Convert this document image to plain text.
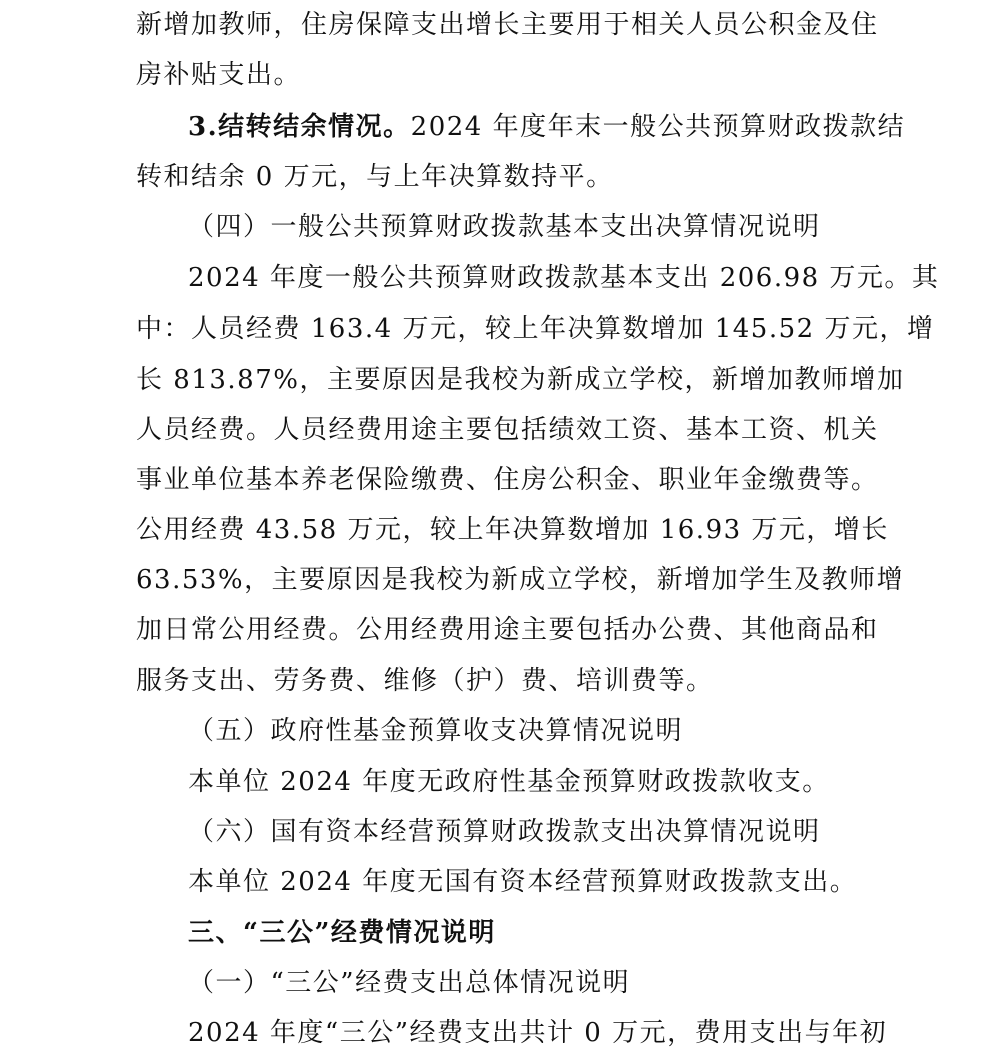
新增加教师，住房保障支出增长主要用于相关人员公积金及住
房补贴支出。
3.结转结余情况。2024 年度年末一般公共预算财政拨款结
转和结余 0 万元，与上年决算数持平。
（四）一般公共预算财政拨款基本支出决算情况说明
2024 年度一般公共预算财政拨款基本支出 206.98 万元。其
中：人员经费 163.4 万元，较上年决算数增加 145.52 万元，增
长 813.87%，主要原因是我校为新成立学校，新增加教师增加
人员经费。人员经费用途主要包括绩效工资、基本工资、机关
事业单位基本养老保险缴费、住房公积金、职业年金缴费等。
公用经费 43.58 万元，较上年决算数增加 16.93 万元，增长
63.53%，主要原因是我校为新成立学校，新增加学生及教师增
加日常公用经费。公用经费用途主要包括办公费、其他商品和
服务支出、劳务费、维修（护）费、培训费等。
（五）政府性基金预算收支决算情况说明
本单位 2024 年度无政府性基金预算财政拨款收支。
（六）国有资本经营预算财政拨款支出决算情况说明
本单位 2024 年度无国有资本经营预算财政拨款支出。
三、“三公”经费情况说明
（一）“三公”经费支出总体情况说明
2024 年度“三公”经费支出共计 0 万元，费用支出与年初
